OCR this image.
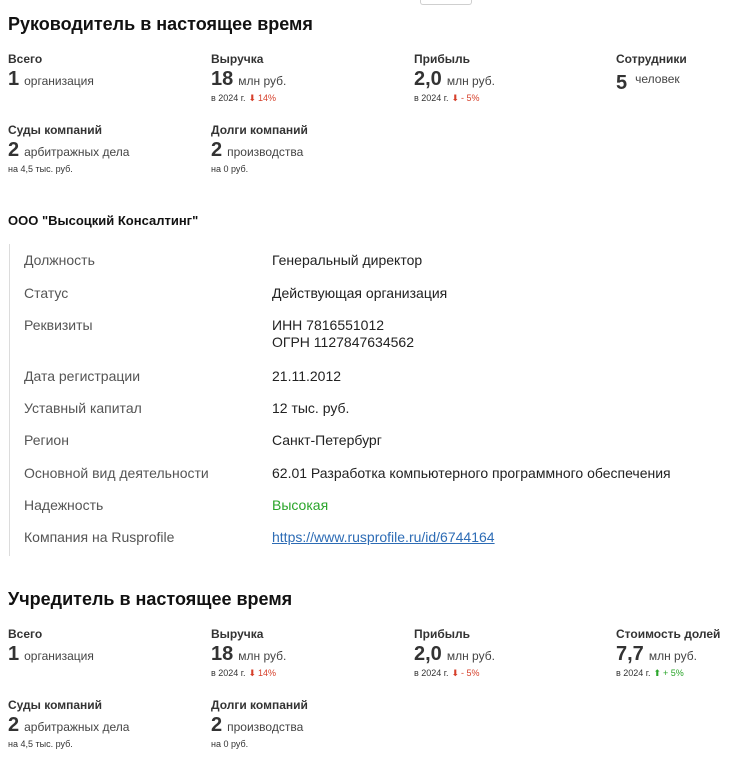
Руководитель в настоящее время
Всего
1 организация
Выручка
18 млн руб.
в 2024 г. ⬇ 14%
Прибыль
2,0 млн руб.
в 2024 г. ⬇ - 5%
Сотрудники
5 $^{человек}$
Суды компаний
2 арбитражных дела
на 4,5 тыс. руб.
Долги компаний
2 производства
на 0 руб.
ООО "Высоцкий Консалтинг"
Должность	Генеральный директор
Статус	Действующая организация
Реквизиты	ИНН 7816551012
ОГРН 1127847634562
Дата регистрации	21.11.2012
Уставный капитал	12 тыс. руб.
Регион	Санкт-Петербург
Основной вид деятельности	62.01 Разработка компьютерного программного обеспечения
Надежность	Высокая
Компания на Rusprofile	https://www.rusprofile.ru/id/6744164
Учредитель в настоящее время
Всего
1 организация
Выручка
18 млн руб.
в 2024 г. ⬇ 14%
Прибыль
2,0 млн руб.
в 2024 г. ⬇ - 5%
Стоимость долей
7,7 млн руб.
в 2024 г. ⬆ + 5%
Суды компаний
2 арбитражных дела
на 4,5 тыс. руб.
Долги компаний
2 производства
на 0 руб.
